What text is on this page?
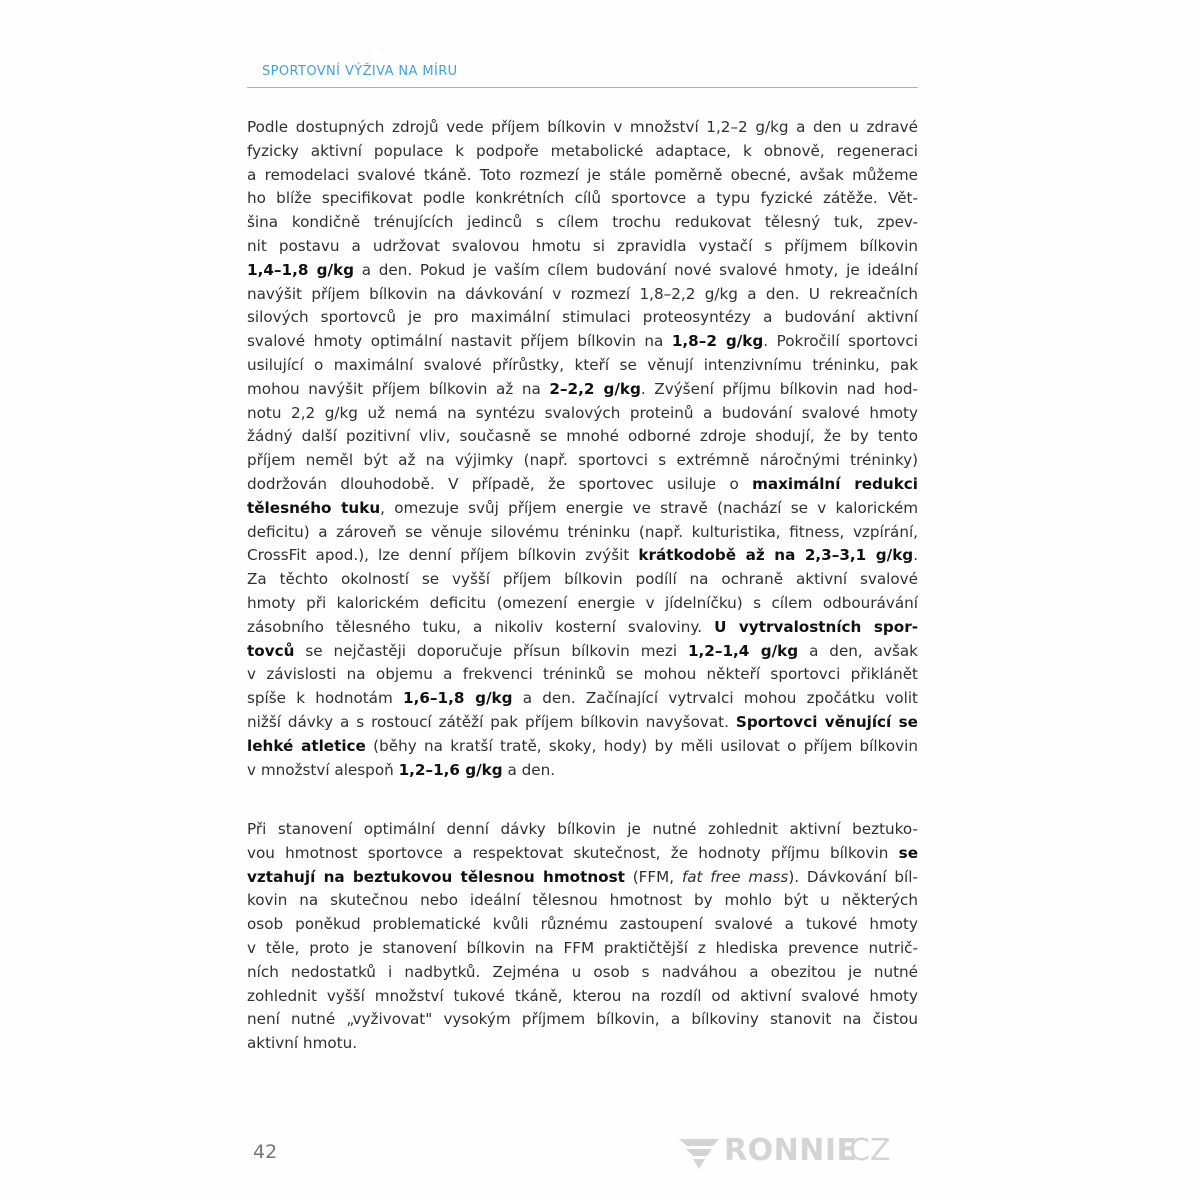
SPORTOVNÍ VÝŽIVA NA MÍRU
Podle dostupných zdrojů vede příjem bílkovin v množství 1,2–2 g/kg a den u zdravé
fyzicky aktivní populace k podpoře metabolické adaptace, k obnově, regeneraci
a remodelaci svalové tkáně. Toto rozmezí je stále poměrně obecné, avšak můžeme
ho blíže specifikovat podle konkrétních cílů sportovce a typu fyzické zátěže. Vět-
šina kondičně trénujících jedinců s cílem trochu redukovat tělesný tuk, zpev-
nit postavu a udržovat svalovou hmotu si zpravidla vystačí s příjmem bílkovin
1,4–1,8 g/kg a den. Pokud je vaším cílem budování nové svalové hmoty, je ideální
navýšit příjem bílkovin na dávkování v rozmezí 1,8–2,2 g/kg a den. U rekreačních
silových sportovců je pro maximální stimulaci proteosyntézy a budování aktivní
svalové hmoty optimální nastavit příjem bílkovin na 1,8–2 g/kg. Pokročilí sportovci
usilující o maximální svalové přírůstky, kteří se věnují intenzivnímu tréninku, pak
mohou navýšit příjem bílkovin až na 2–2,2 g/kg. Zvýšení příjmu bílkovin nad hod-
notu 2,2 g/kg už nemá na syntézu svalových proteinů a budování svalové hmoty
žádný další pozitivní vliv, současně se mnohé odborné zdroje shodují, že by tento
příjem neměl být až na výjimky (např. sportovci s extrémně náročnými tréninky)
dodržován dlouhodobě. V případě, že sportovec usiluje o maximální redukci
tělesného tuku, omezuje svůj příjem energie ve stravě (nachází se v kalorickém
deficitu) a zároveň se věnuje silovému tréninku (např. kulturistika, fitness, vzpírání,
CrossFit apod.), lze denní příjem bílkovin zvýšit krátkodobě až na 2,3–3,1 g/kg.
Za těchto okolností se vyšší příjem bílkovin podílí na ochraně aktivní svalové
hmoty při kalorickém deficitu (omezení energie v jídelníčku) s cílem odbourávání
zásobního tělesného tuku, a nikoliv kosterní svaloviny. U vytrvalostních spor-
tovců se nejčastěji doporučuje přísun bílkovin mezi 1,2–1,4 g/kg a den, avšak
v závislosti na objemu a frekvenci tréninků se mohou někteří sportovci přiklánět
spíše k hodnotám 1,6–1,8 g/kg a den. Začínající vytrvalci mohou zpočátku volit
nižší dávky a s rostoucí zátěží pak příjem bílkovin navyšovat. Sportovci věnující se
lehké atletice (běhy na kratší tratě, skoky, hody) by měli usilovat o příjem bílkovin
v množství alespoň 1,2–1,6 g/kg a den.
Při stanovení optimální denní dávky bílkovin je nutné zohlednit aktivní beztuko-
vou hmotnost sportovce a respektovat skutečnost, že hodnoty příjmu bílkovin se
vztahují na beztukovou tělesnou hmotnost (FFM, fat free mass). Dávkování bíl-
kovin na skutečnou nebo ideální tělesnou hmotnost by mohlo být u některých
osob poněkud problematické kvůli různému zastoupení svalové a tukové hmoty
v těle, proto je stanovení bílkovin na FFM praktičtější z hlediska prevence nutrič-
ních nedostatků i nadbytků. Zejména u osob s nadváhou a obezitou je nutné
zohlednit vyšší množství tukové tkáně, kterou na rozdíl od aktivní svalové hmoty
není nutné „vyživovat" vysokým příjmem bílkovin, a bílkoviny stanovit na čistou
aktivní hmotu.
42	RONNIE
CZ
